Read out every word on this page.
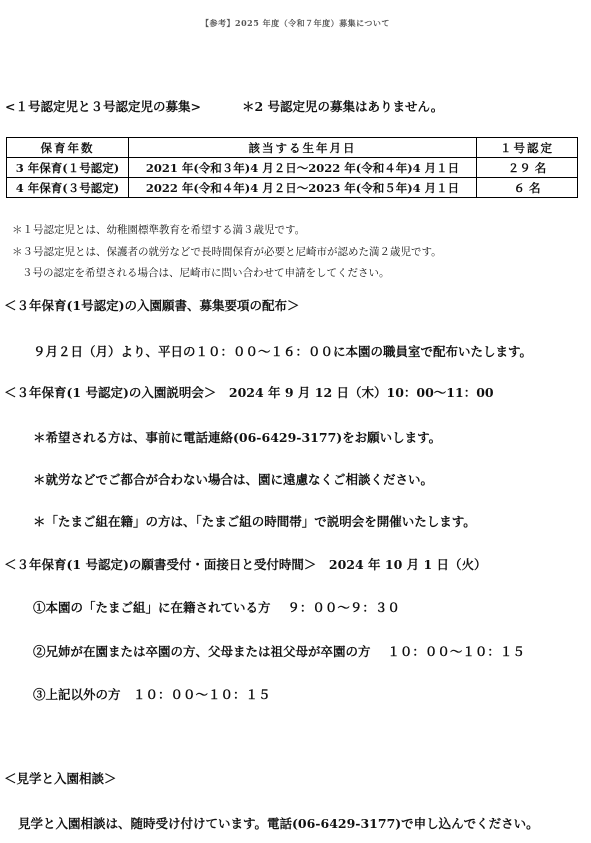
【参考】2025 年度（令和７年度）募集について
<１号認定児と３号認定児の募集>	＊2 号認定児の募集はありません。
保育年数	該当する生年月日	１号認定
3 年保育(１号認定)	2021 年(令和３年)4 月２日～2022 年(令和４年)4 月１日	２９ 名
4 年保育(３号認定)	2022 年(令和４年)4 月２日～2023 年(令和５年)4 月１日	６ 名
＊１号認定児とは、幼稚園標準教育を希望する満３歳児です。
＊３号認定児とは、保護者の就労などで長時間保育が必要と尼崎市が認めた満２歳児です。
３号の認定を希望される場合は、尼崎市に問い合わせて申請をしてください。
＜３年保育(1号認定)の入園願書、募集要項の配布＞
９月２日（月）より、平日の１０：００～１６：００に本園の職員室で配布いたします。
＜３年保育(1 号認定)の入園説明会＞　2024 年 9 月 12 日（木）10：00～11：00
＊希望される方は、事前に電話連絡(06-6429-3177)をお願いします。
＊就労などでご都合が合わない場合は、園に遠慮なくご相談ください。
＊「たまご組在籍」の方は、「たまご組の時間帯」で説明会を開催いたします。
＜３年保育(1 号認定)の願書受付・面接日と受付時間＞　2024 年 10 月 1 日（火）
①本園の「たまご組」に在籍されている方　 ９：００～９：３０
②兄姉が在園または卒園の方、父母または祖父母が卒園の方　 １０：００～１０：１５
③上記以外の方　１０：００～１０：１５
＜見学と入園相談＞
見学と入園相談は、随時受け付けています。電話(06-6429-3177)で申し込んでください。
